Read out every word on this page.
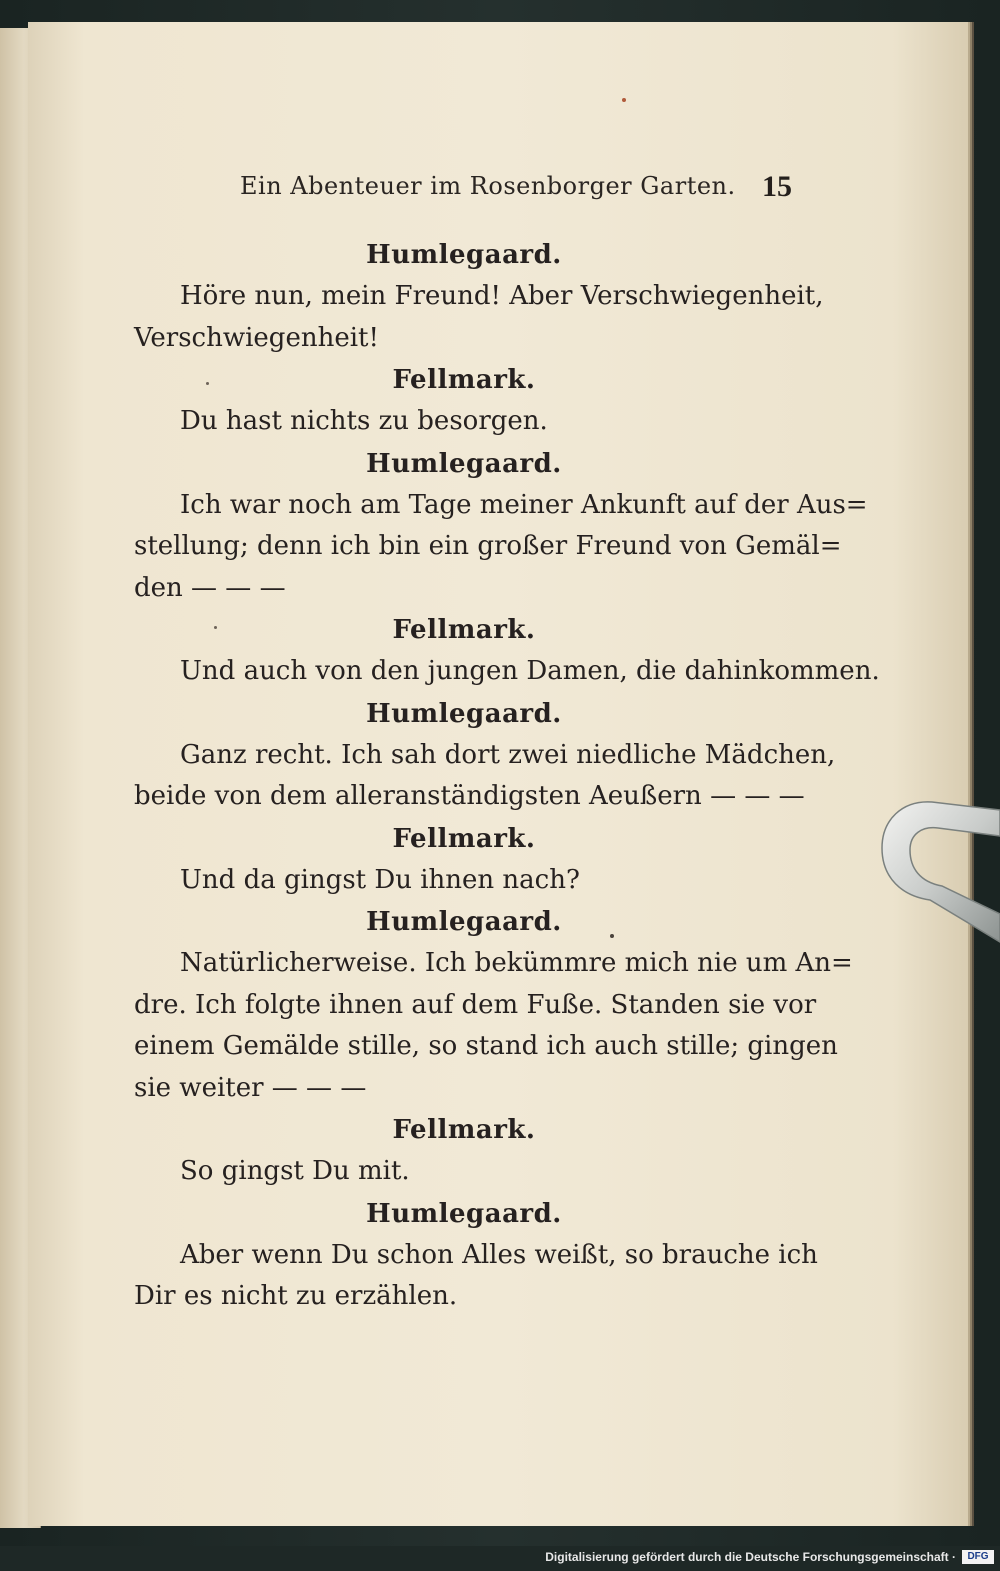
Ein Abenteuer im Rosenborger Garten. 15
Humlegaard.
Höre nun, mein Freund! Aber Verschwiegenheit,
Verschwiegenheit!
Fellmark.
Du hast nichts zu besorgen.
Humlegaard.
Ich war noch am Tage meiner Ankunft auf der Aus=
stellung; denn ich bin ein großer Freund von Gemäl=
den — — —
Fellmark.
Und auch von den jungen Damen, die dahinkommen.
Humlegaard.
Ganz recht. Ich sah dort zwei niedliche Mädchen,
beide von dem alleranständigsten Aeußern — — —
Fellmark.
Und da gingst Du ihnen nach?
Humlegaard.
Natürlicherweise. Ich bekümmre mich nie um An=
dre. Ich folgte ihnen auf dem Fuße. Standen sie vor
einem Gemälde stille, so stand ich auch stille; gingen
sie weiter — — —
Fellmark.
So gingst Du mit.
Humlegaard.
Aber wenn Du schon Alles weißt, so brauche ich
Dir es nicht zu erzählen.
Digitalisierung gefördert durch die Deutsche Forschungsgemeinschaft ·	DFG
